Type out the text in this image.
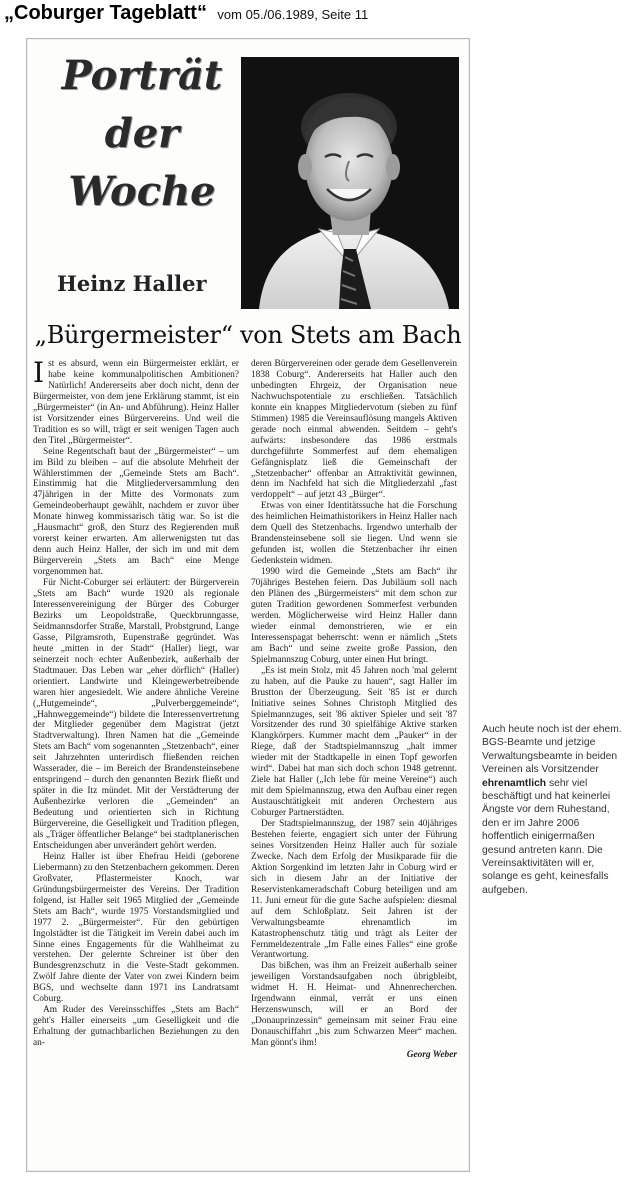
„Coburger Tageblatt“ vom 05./06.1989, Seite 11
Porträt
der
Woche
Heinz Haller
„Bürgermeister“ von Stets am Bach

Ist es absurd, wenn ein Bürgermeister erklärt, er habe keine kommunalpolitischen Ambitionen? Natürlich! Andererseits aber doch nicht, denn der Bürgermeister, von dem jene Erklärung stammt, ist ein „Bürgermeister“ (in An- und Abführung). Heinz Haller ist Vorsitzender eines Bürgervereins. Und weil die Tradition es so will, trägt er seit wenigen Tagen auch den Titel „Bürgermeister“.

Seine Regentschaft baut der „Bürgermeister“ – um im Bild zu bleiben – auf die absolute Mehrheit der Wählerstimmen der „Gemeinde Stets am Bach“. Einstimmig hat die Mitgliederversammlung den 47jährigen in der Mitte des Vormonats zum Gemeindeoberhaupt gewählt, nachdem er zuvor über Monate hinweg kommissarisch tätig war. So ist die „Hausmacht“ groß, den Sturz des Regierenden muß vorerst keiner erwarten. Am allerwenigsten tut das denn auch Heinz Haller, der sich im und mit dem Bürgerverein „Stets am Bach“ eine Menge vorgenommen hat.

Für Nicht-Coburger sei erläutert: der Bürgerverein „Stets am Bach“ wurde 1920 als regionale Interessenvereinigung der Bürger des Coburger Bezirks um Leopoldstraße, Queckbrunngasse, Seidmannsdorfer Straße, Marstall, Probstgrund, Lange Gasse, Pilgramsroth, Eupenstraße gegründet. Was heute „mitten in der Stadt“ (Haller) liegt, war seinerzeit noch echter Außenbezirk, außerhalb der Stadtmauer. Das Leben war „eher dörflich“ (Haller) orientiert. Landwirte und Kleingewerbetreibende waren hier angesiedelt. Wie andere ähnliche Vereine („Hutgemeinde“, „Pulverberggemeinde“, „Hahnweggemeinde“) bildete die Interessenvertretung der Mitglieder gegenüber dem Magistrat (jetzt Stadtverwaltung). Ihren Namen hat die „Gemeinde Stets am Bach“ vom sogenannten „Stetzenbach“, einer seit Jahrzehnten unterirdisch fließenden reichen Wasserader, die – im Bereich der Brandensteinsebene entspringend – durch den genannten Bezirk fließt und später in die Itz mündet. Mit der Verstädterung der Außenbezirke verloren die „Gemeinden“ an Bedeutung und orientierten sich in Richtung Bürgervereine, die Geselligkeit und Tradition pflegen, als „Träger öffentlicher Belange“ bei stadtplanerischen Entscheidungen aber unverändert gehört werden.

Heinz Haller ist über Ehefrau Heidi (geborene Liebermann) zu den Stetzenbachern gekommen. Deren Großvater, Pflastermeister Knoch, war Gründungsbürgermeister des Vereins. Der Tradition folgend, ist Haller seit 1965 Mitglied der „Gemeinde Stets am Bach“, wurde 1975 Vorstandsmitglied und 1977 2. „Bürgermeister“. Für den gebürtigen Ingolstädter ist die Tätigkeit im Verein dabei auch im Sinne eines Engagements für die Wahlheimat zu verstehen. Der gelernte Schreiner ist über den Bundesgrenzschutz in die Veste-Stadt gekommen. Zwölf Jahre diente der Vater von zwei Kindern beim BGS, und wechselte dann 1971 ins Landratsamt Coburg.

Am Ruder des Vereinsschiffes „Stets am Bach“ geht's Haller einerseits „um Geselligkeit und die Erhaltung der gutnachbarlichen Beziehungen zu den an-

deren Bürgervereinen oder gerade dem Gesellenverein 1838 Coburg“. Andererseits hat Haller auch den unbedingten Ehrgeiz, der Organisation neue Nachwuchspotentiale zu erschließen. Tatsächlich konnte ein knappes Mitgliedervotum (sieben zu fünf Stimmen) 1985 die Vereinsauflösung mangels Aktiven gerade noch einmal abwenden. Seitdem – geht's aufwärts: insbesondere das 1986 erstmals durchgeführte Sommerfest auf dem ehemaligen Gefängnisplatz ließ die Gemeinschaft der „Stetzenbacher“ offenbar an Attraktivität gewinnen, denn im Nachfeld hat sich die Mitgliederzahl „fast verdoppelt“ – auf jetzt 43 „Bürger“.

Etwas von einer Identitätssuche hat die Forschung des heimlichen Heimathistorikers in Heinz Haller nach dem Quell des Stetzenbachs. Irgendwo unterhalb der Brandensteinsebene soll sie liegen. Und wenn sie gefunden ist, wollen die Stetzenbacher ihr einen Gedenkstein widmen.

1990 wird die Gemeinde „Stets am Bach“ ihr 70jähriges Bestehen feiern. Das Jubiläum soll nach den Plänen des „Bürgermeisters“ mit dem schon zur guten Tradition gewordenen Sommerfest verbunden werden. Möglicherweise wird Heinz Haller dann wieder einmal demonstrieren, wie er ein Interessenspagat beherrscht: wenn er nämlich „Stets am Bach“ und seine zweite große Passion, den Spielmannszug Coburg, unter einen Hut bringt.

„Es ist mein Stolz, mit 45 Jahren noch 'mal gelernt zu haben, auf die Pauke zu hauen“, sagt Haller im Brustton der Überzeugung. Seit '85 ist er durch Initiative seines Sohnes Christoph Mitglied des Spielmannzuges, seit '86 aktiver Spieler und seit '87 Vorsitzender des rund 30 spielfähige Aktive starken Klangkörpers. Kummer macht dem „Pauker“ in der Riege, daß der Stadtspielmannszug „halt immer wieder mit der Stadtkapelle in einen Topf geworfen wird“. Dabei hat man sich doch schon 1948 getrennt. Ziele hat Haller („Ich lebe für meine Vereine“) auch mit dem Spielmannszug, etwa den Aufbau einer regen Austauschtätigkeit mit anderen Orchestern aus Coburger Partnerstädten.

Der Stadtspielmannszug, der 1987 sein 40jähriges Bestehen feierte, engagiert sich unter der Führung seines Vorsitzenden Heinz Haller auch für soziale Zwecke. Nach dem Erfolg der Musikparade für die Aktion Sorgenkind im letzten Jahr in Coburg wird er sich in diesem Jahr an der Initiative der Reservistenkameradschaft Coburg beteiligen und am 11. Juni erneut für die gute Sache aufspielen: diesmal auf dem Schloßplatz. Seit Jahren ist der Verwaltungsbeamte ehrenamtlich im Katastrophenschutz tätig und trägt als Leiter der Fernmeldezentrale „Im Falle eines Falles“ eine große Verantwortung.

Das bißchen, was ihm an Freizeit außerhalb seiner jeweiligen Vorstandsaufgaben noch übrigbleibt, widmet H. H. Heimat- und Ahnenrecherchen. Irgendwann einmal, verrät er uns einen Herzenswunsch, will er an Bord der „Donauprinzessin“ gemeinsam mit seiner Frau eine Donauschiffahrt „bis zum Schwarzen Meer“ machen. Man gönnt's ihm!

Georg Weber
Auch heute noch ist der ehem. BGS-Beamte und jetzige Verwaltungsbeamte in beiden Vereinen als Vorsitzender ehrenamtlich sehr viel beschäftigt und hat keinerlei Ängste vor dem Ruhestand, den er im Jahre 2006 hoffentlich einigermaßen gesund antreten kann. Die Vereinsaktivitäten will er, solange es geht, keinesfalls aufgeben.
